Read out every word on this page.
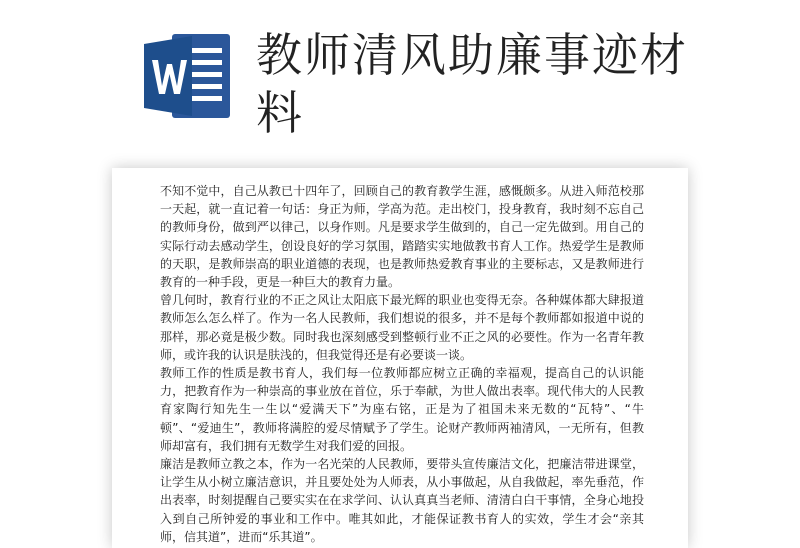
教师清风助廉事迹材料

不知不觉中，自己从教已十四年了，回顾自己的教育教学生涯，感慨颇多。从进入师范校那一天起，就一直记着一句话：身正为师，学高为范。走出校门，投身教育，我时刻不忘自己的教师身份，做到严以律己，以身作则。凡是要求学生做到的，自己一定先做到。用自己的实际行动去感动学生，创设良好的学习氛围，踏踏实实地做教书育人工作。热爱学生是教师的天职，是教师崇高的职业道德的表现，也是教师热爱教育事业的主要标志，又是教师进行教育的一种手段，更是一种巨大的教育力量。

曾几何时，教育行业的不正之风让太阳底下最光辉的职业也变得无奈。各种媒体都大肆报道教师怎么怎么样了。作为一名人民教师，我们想说的很多，并不是每个教师都如报道中说的那样，那必竟是极少数。同时我也深刻感受到整顿行业不正之风的必要性。作为一名青年教师，或许我的认识是肤浅的，但我觉得还是有必要谈一谈。

教师工作的性质是教书育人，我们每一位教师都应树立正确的幸福观，提高自己的认识能力，把教育作为一种崇高的事业放在首位，乐于奉献，为世人做出表率。现代伟大的人民教育家陶行知先生一生以“爱满天下”为座右铭，正是为了祖国未来无数的“瓦特”、“牛顿”、“爱迪生”，教师将满腔的爱尽情赋予了学生。论财产教师两袖清风，一无所有，但教师却富有，我们拥有无数学生对我们爱的回报。

廉洁是教师立教之本，作为一名光荣的人民教师，要带头宣传廉洁文化，把廉洁带进课堂，让学生从小树立廉洁意识，并且要处处为人师表，从小事做起，从自我做起，率先垂范，作出表率，时刻提醒自己要实实在在求学问、认认真真当老师、清清白白干事情，全身心地投入到自己所钟爱的事业和工作中。唯其如此，才能保证教书育人的实效，学生才会“亲其师，信其道”，进而“乐其道”。
